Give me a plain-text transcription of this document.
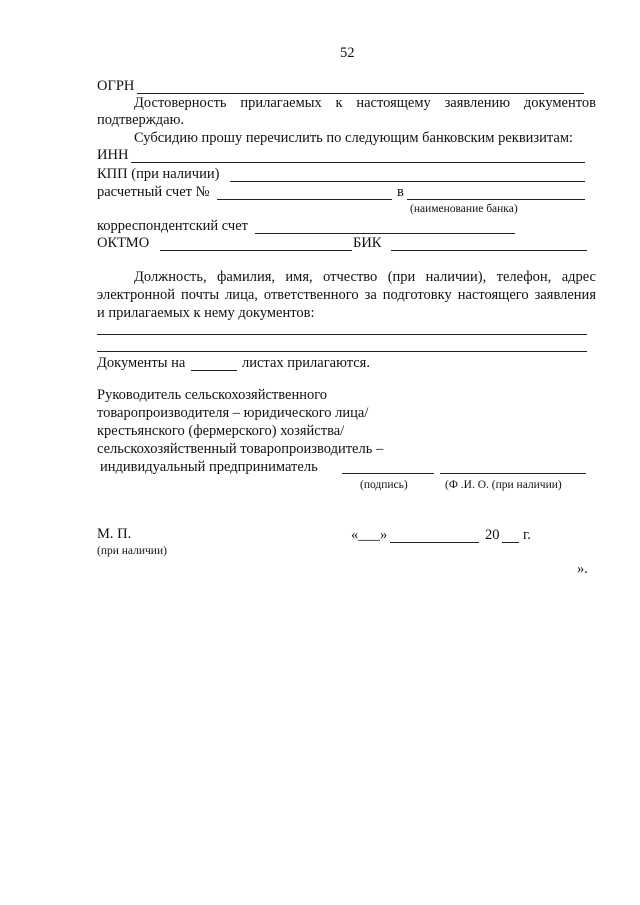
52
ОГРН
Достоверность прилагаемых к настоящему заявлению документов
подтверждаю.
Субсидию прошу перечислить по следующим банковским реквизитам:
ИНН
КПП (при наличии)
расчетный счет №	в
(наименование банка)
корреспондентский счет
ОКТМО	БИК
Должность, фамилия, имя, отчество (при наличии), телефон, адрес
электронной почты лица, ответственного за подготовку настоящего заявления
и прилагаемых к нему документов:
Документы на	листах прилагаются.
Руководитель сельскохозяйственного
товаропроизводителя – юридического лица/
крестьянского (фермерского) хозяйства/
сельскохозяйственный товаропроизводитель –
индивидуальный предприниматель
(подпись)	(Ф .И. О. (при наличии)
М. П.
(при наличии)
«___»	20 г.
».
